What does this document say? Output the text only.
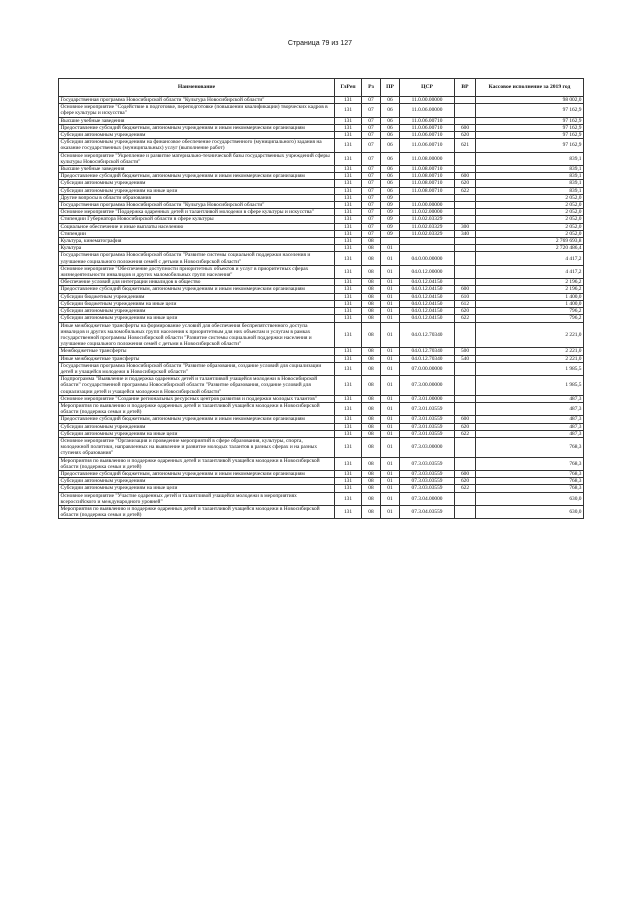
Страница 79 из 127
Наименование	ГлРеп	Рз	ПР	ЦСР	ВР	Кассовое исполнение за 2019 год
Государственная программа Новосибирской области "Культура Новосибирской области"	131	07	06	11.0.00.00000		98 002,0
Основное мероприятие "Содействие в подготовке, переподготовке (повышении квалификации) творческих кадров в сфере культуры и искусства"	131	07	06	11.0.06.00000		97 162,9
Высшие учебные заведения	131	07	06	11.0.06.00710		97 162,9
Предоставление субсидий бюджетным, автономным учреждениям и иным некоммерческим организациям	131	07	06	11.0.06.00710	600	97 162,9
Субсидии автономным учреждениям	131	07	06	11.0.06.00710	620	97 162,9
Субсидии автономным учреждениям на финансовое обеспечение государственного (муниципального) задания на оказание государственных (муниципальных) услуг (выполнение работ)	131	07	06	11.0.06.00710	621	97 162,9
Основное мероприятие "Укрепление и развитие материально-технической базы государственных учреждений сферы культуры Новосибирской области"	131	07	06	11.0.08.00000		839,1
Высшие учебные заведения	131	07	06	11.0.08.00710		839,1
Предоставление субсидий бюджетным, автономным учреждениям и иным некоммерческим организациям	131	07	06	11.0.08.00710	600	839,1
Субсидии автономным учреждениям	131	07	06	11.0.08.00710	620	839,1
Субсидии автономным учреждениям на иные цели	131	07	06	11.0.08.00710	622	839,1
Другие вопросы в области образования	131	07	09			2 052,0
Государственная программа Новосибирской области "Культура Новосибирской области"	131	07	09	11.0.00.00000		2 052,0
Основное мероприятие "Поддержка одаренных детей и талантливой молодежи в сфере культуры и искусства"	131	07	09	11.0.02.00000		2 052,0
Стипендии Губернатора Новосибирской области в сфере культуры	131	07	09	11.0.02.03329		2 052,0
Социальное обеспечение и иные выплаты населению	131	07	09	11.0.02.03329	300	2 052,0
Стипендии	131	07	09	11.0.02.03329	340	2 052,0
Культура, кинематография	131	08				2 769 693,8
Культура	131	08	01			2 720 486,4
Государственная программа Новосибирской области "Развитие системы социальной поддержки населения и улучшение социального положения семей с детьми в Новосибирской области"	131	08	01	04.0.00.00000		4 417,2
Основное мероприятие "Обеспечение доступности приоритетных объектов и услуг в приоритетных сферах жизнедеятельности инвалидов и других маломобильных групп населения"	131	08	01	04.0.12.00000		4 417,2
Обеспечение условий для интеграции инвалидов в общество	131	08	01	04.0.12.04150		2 196,2
Предоставление субсидий бюджетным, автономным учреждениям и иным некоммерческим организациям	131	08	01	04.0.12.04150	600	2 196,2
Субсидии бюджетным учреждениям	131	08	01	04.0.12.04150	610	1 400,0
Субсидии бюджетным учреждениям на иные цели	131	08	01	04.0.12.04150	612	1 400,0
Субсидии автономным учреждениям	131	08	01	04.0.12.04150	620	796,2
Субсидии автономным учреждениям на иные цели	131	08	01	04.0.12.04150	622	796,2
Иные межбюджетные трансферты на формирование условий для обеспечения беспрепятственного доступа инвалидов и других маломобильных групп населения к приоритетным для них объектам и услугам в рамках государственной программы Новосибирской области "Развитие системы социальной поддержки населения и улучшение социального положения семей с детьми в Новосибирской области"	131	08	01	04.0.12.70340		2 221,0
Межбюджетные трансферты	131	08	01	04.0.12.70340	500	2 221,0
Иные межбюджетные трансферты	131	08	01	04.0.12.70340	540	2 221,0
Государственная программа Новосибирской области "Развитие образования, создание условий для социализации детей и учащейся молодежи в Новосибирской области"	131	08	01	07.0.00.00000		1 985,5
Подпрограмма "Выявление и поддержка одаренных детей и талантливой учащейся молодежи в Новосибирской области" государственной программы Новосибирской области "Развитие образования, создание условий для социализации детей и учащейся молодежи в Новосибирской области"	131	08	01	07.3.00.00000		1 985,5
Основное мероприятие "Создание региональных ресурсных центров развития и поддержки молодых талантов"	131	08	01	07.3.01.00000		487,3
Мероприятия по выявлению и поддержке одаренных детей и талантливой учащейся молодежи в Новосибирской области (поддержка семьи и детей)	131	08	01	07.3.01.03559		487,3
Предоставление субсидий бюджетным, автономным учреждениям и иным некоммерческим организациям	131	08	01	07.3.01.03559	600	487,3
Субсидии автономным учреждениям	131	08	01	07.3.01.03559	620	487,3
Субсидии автономным учреждениям на иные цели	131	08	01	07.3.01.03559	622	487,3
Основное мероприятие "Организация и проведение мероприятий в сфере образования, культуры, спорта, молодежной политики, направленных на выявление и развитие молодых талантов в разных сферах и на разных ступенях образования"	131	08	01	07.3.03.00000		768,3
Мероприятия по выявлению и поддержке одаренных детей и талантливой учащейся молодежи в Новосибирской области (поддержка семьи и детей)	131	08	01	07.3.03.03559		768,3
Предоставление субсидий бюджетным, автономным учреждениям и иным некоммерческим организациям	131	08	01	07.3.03.03559	600	768,3
Субсидии автономным учреждениям	131	08	01	07.3.03.03559	620	768,3
Субсидии автономным учреждениям на иные цели	131	08	01	07.3.03.03559	622	768,3
Основное мероприятие "Участие одаренных детей и талантливой учащейся молодежи в мероприятиях всероссийского и международного уровней"	131	08	01	07.3.04.00000		630,0
Мероприятия по выявлению и поддержке одаренных детей и талантливой учащейся молодежи в Новосибирской области (поддержка семьи и детей)	131	08	01	07.3.04.03559		630,0
